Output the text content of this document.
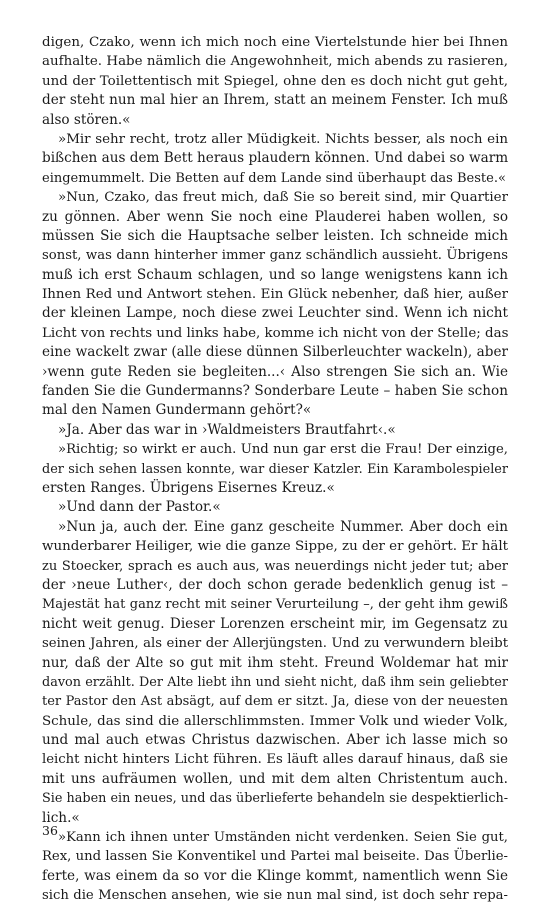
digen, Czako, wenn ich mich noch eine Viertelstunde hier bei Ihnen
aufhalte. Habe nämlich die Angewohnheit, mich abends zu rasieren,
und der Toilettentisch mit Spiegel, ohne den es doch nicht gut geht,
der steht nun mal hier an Ihrem, statt an meinem Fenster. Ich muß
also stören.«
»Mir sehr recht, trotz aller Müdigkeit. Nichts besser, als noch ein
bißchen aus dem Bett heraus plaudern können. Und dabei so warm
eingemummelt. Die Betten auf dem Lande sind überhaupt das Beste.«
»Nun, Czako, das freut mich, daß Sie so bereit sind, mir Quartier
zu gönnen. Aber wenn Sie noch eine Plauderei haben wollen, so
müssen Sie sich die Hauptsache selber leisten. Ich schneide mich
sonst, was dann hinterher immer ganz schändlich aussieht. Übrigens
muß ich erst Schaum schlagen, und so lange wenigstens kann ich
Ihnen Red und Antwort stehen. Ein Glück nebenher, daß hier, außer
der kleinen Lampe, noch diese zwei Leuchter sind. Wenn ich nicht
Licht von rechts und links habe, komme ich nicht von der Stelle; das
eine wackelt zwar (alle diese dünnen Silberleuchter wackeln), aber
›wenn gute Reden sie begleiten...‹ Also strengen Sie sich an. Wie
fanden Sie die Gundermanns? Sonderbare Leute – haben Sie schon
mal den Namen Gundermann gehört?«
»Ja. Aber das war in ›Waldmeisters Brautfahrt‹.«
»Richtig; so wirkt er auch. Und nun gar erst die Frau! Der einzige,
der sich sehen lassen konnte, war dieser Katzler. Ein Karambolespieler
ersten Ranges. Übrigens Eisernes Kreuz.«
»Und dann der Pastor.«
»Nun ja, auch der. Eine ganz gescheite Nummer. Aber doch ein
wunderbarer Heiliger, wie die ganze Sippe, zu der er gehört. Er hält
zu Stoecker, sprach es auch aus, was neuerdings nicht jeder tut; aber
der ›neue Luther‹, der doch schon gerade bedenklich genug ist –
Majestät hat ganz recht mit seiner Verurteilung –, der geht ihm gewiß
nicht weit genug. Dieser Lorenzen erscheint mir, im Gegensatz zu
seinen Jahren, als einer der Allerjüngsten. Und zu verwundern bleibt
nur, daß der Alte so gut mit ihm steht. Freund Woldemar hat mir
davon erzählt. Der Alte liebt ihn und sieht nicht, daß ihm sein geliebter
ter Pastor den Ast absägt, auf dem er sitzt. Ja, diese von der neuesten
Schule, das sind die allerschlimmsten. Immer Volk und wieder Volk,
und mal auch etwas Christus dazwischen. Aber ich lasse mich so
leicht nicht hinters Licht führen. Es läuft alles darauf hinaus, daß sie
mit uns aufräumen wollen, und mit dem alten Christentum auch.
Sie haben ein neues, und das überlieferte behandeln sie despektierlich-
lich.«
»Kann ich ihnen unter Umständen nicht verdenken. Seien Sie gut,
Rex, und lassen Sie Konventikel und Partei mal beiseite. Das Überlie-
ferte, was einem da so vor die Klinge kommt, namentlich wenn Sie
sich die Menschen ansehen, wie sie nun mal sind, ist doch sehr repa-
36
